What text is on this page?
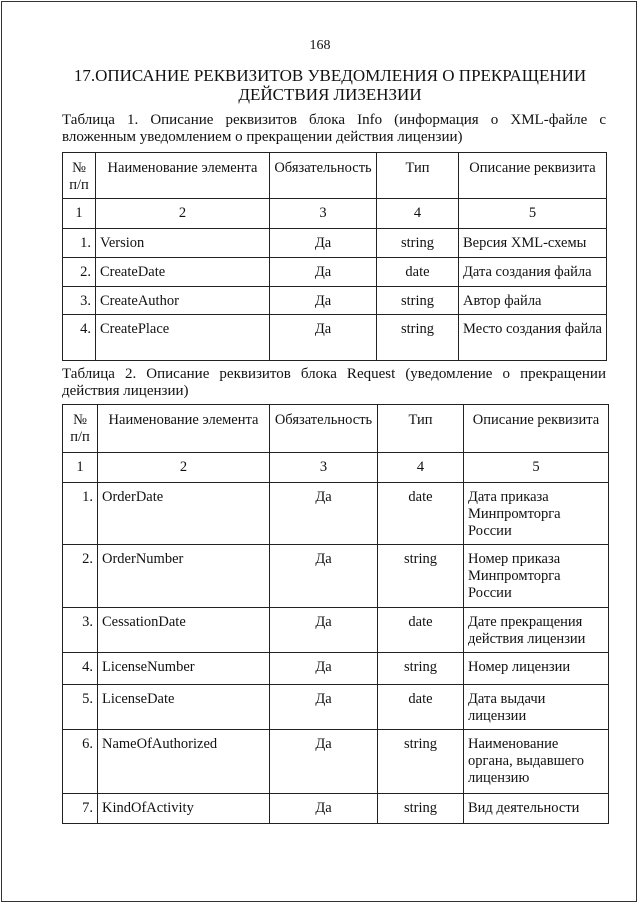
168
17.ОПИСАНИЕ РЕКВИЗИТОВ УВЕДОМЛЕНИЯ О ПРЕКРАЩЕНИИ
ДЕЙСТВИЯ ЛИЗЕНЗИИ
Таблица 1. Описание реквизитов блока Info (информация о XML-файле с вложенным уведомлением о прекращении действия лицензии)
№ п/п	Наименование элемента	Обязательность	Тип	Описание реквизита
1	2	3	4	5
1.	Version	Да	string	Версия XML-схемы
2.	CreateDate	Да	date	Дата создания файла
3.	CreateAuthor	Да	string	Автор файла
4.	CreatePlace	Да	string	Место создания файла
Таблица 2. Описание реквизитов блока Request (уведомление о прекращении действия лицензии)
№ п/п	Наименование элемента	Обязательность	Тип	Описание реквизита
1	2	3	4	5
1.	OrderDate	Да	date	Дата приказа Минпромторга России
2.	OrderNumber	Да	string	Номер приказа Минпромторга России
3.	CessationDate	Да	date	Дате прекращения действия лицензии
4.	LicenseNumber	Да	string	Номер лицензии
5.	LicenseDate	Да	date	Дата выдачи лицензии
6.	NameOfAuthorized	Да	string	Наименование органа, выдавшего лицензию
7.	KindOfActivity	Да	string	Вид деятельности
